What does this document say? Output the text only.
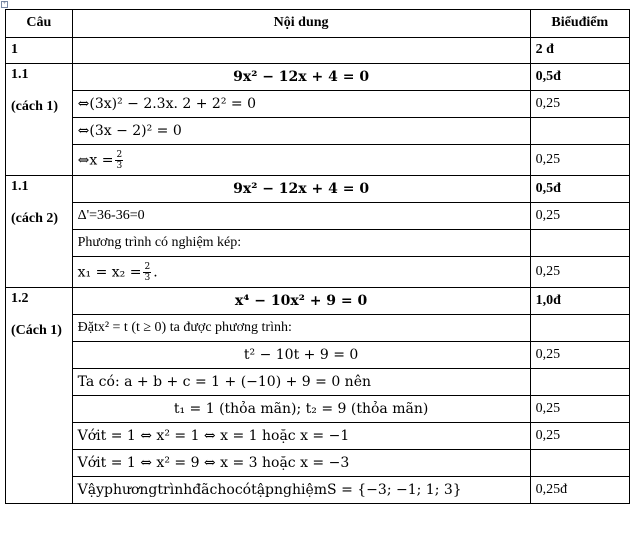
+
Câu	Nội dung	Biểuđiểm
1		2 đ

1.1
(cách 1)	9x² − 12x + 4 = 0	0,5đ
	⇔(3x)² − 2.3x. 2 + 2² = 0	0,25
	⇔(3x − 2)² = 0	
	⇔x = $\frac{2}{3}$	0,25

1.1
(cách 2)	9x² − 12x + 4 = 0	0,5đ
	Δ'=36-36=0	0,25
	Phương trình có nghiệm kép:	
	$x_1 = x_2 = \frac{2}{3}$ .	0,25

1.2
(Cách 1)	x⁴ − 10x² + 9 = 0	1,0đ
	Đặtx² = t (t ≥ 0) ta được phương trình:	
	t² − 10t + 9 = 0	0,25
	Ta có: a + b + c = 1 + (−10) + 9 = 0 nên	
	t₁ = 1 (thỏa mãn); t₂ = 9 (thỏa mãn)	0,25
	Vớit = 1 ⇔ x² = 1 ⇔ x = 1 hoặc x = −1	0,25
	Vớit = 1 ⇔ x² = 9 ⇔ x = 3 hoặc x = −3	
	VậyphươngtrìnhđãchocótậpnghiệmS = {−3; −1; 1; 3}	0,25đ
